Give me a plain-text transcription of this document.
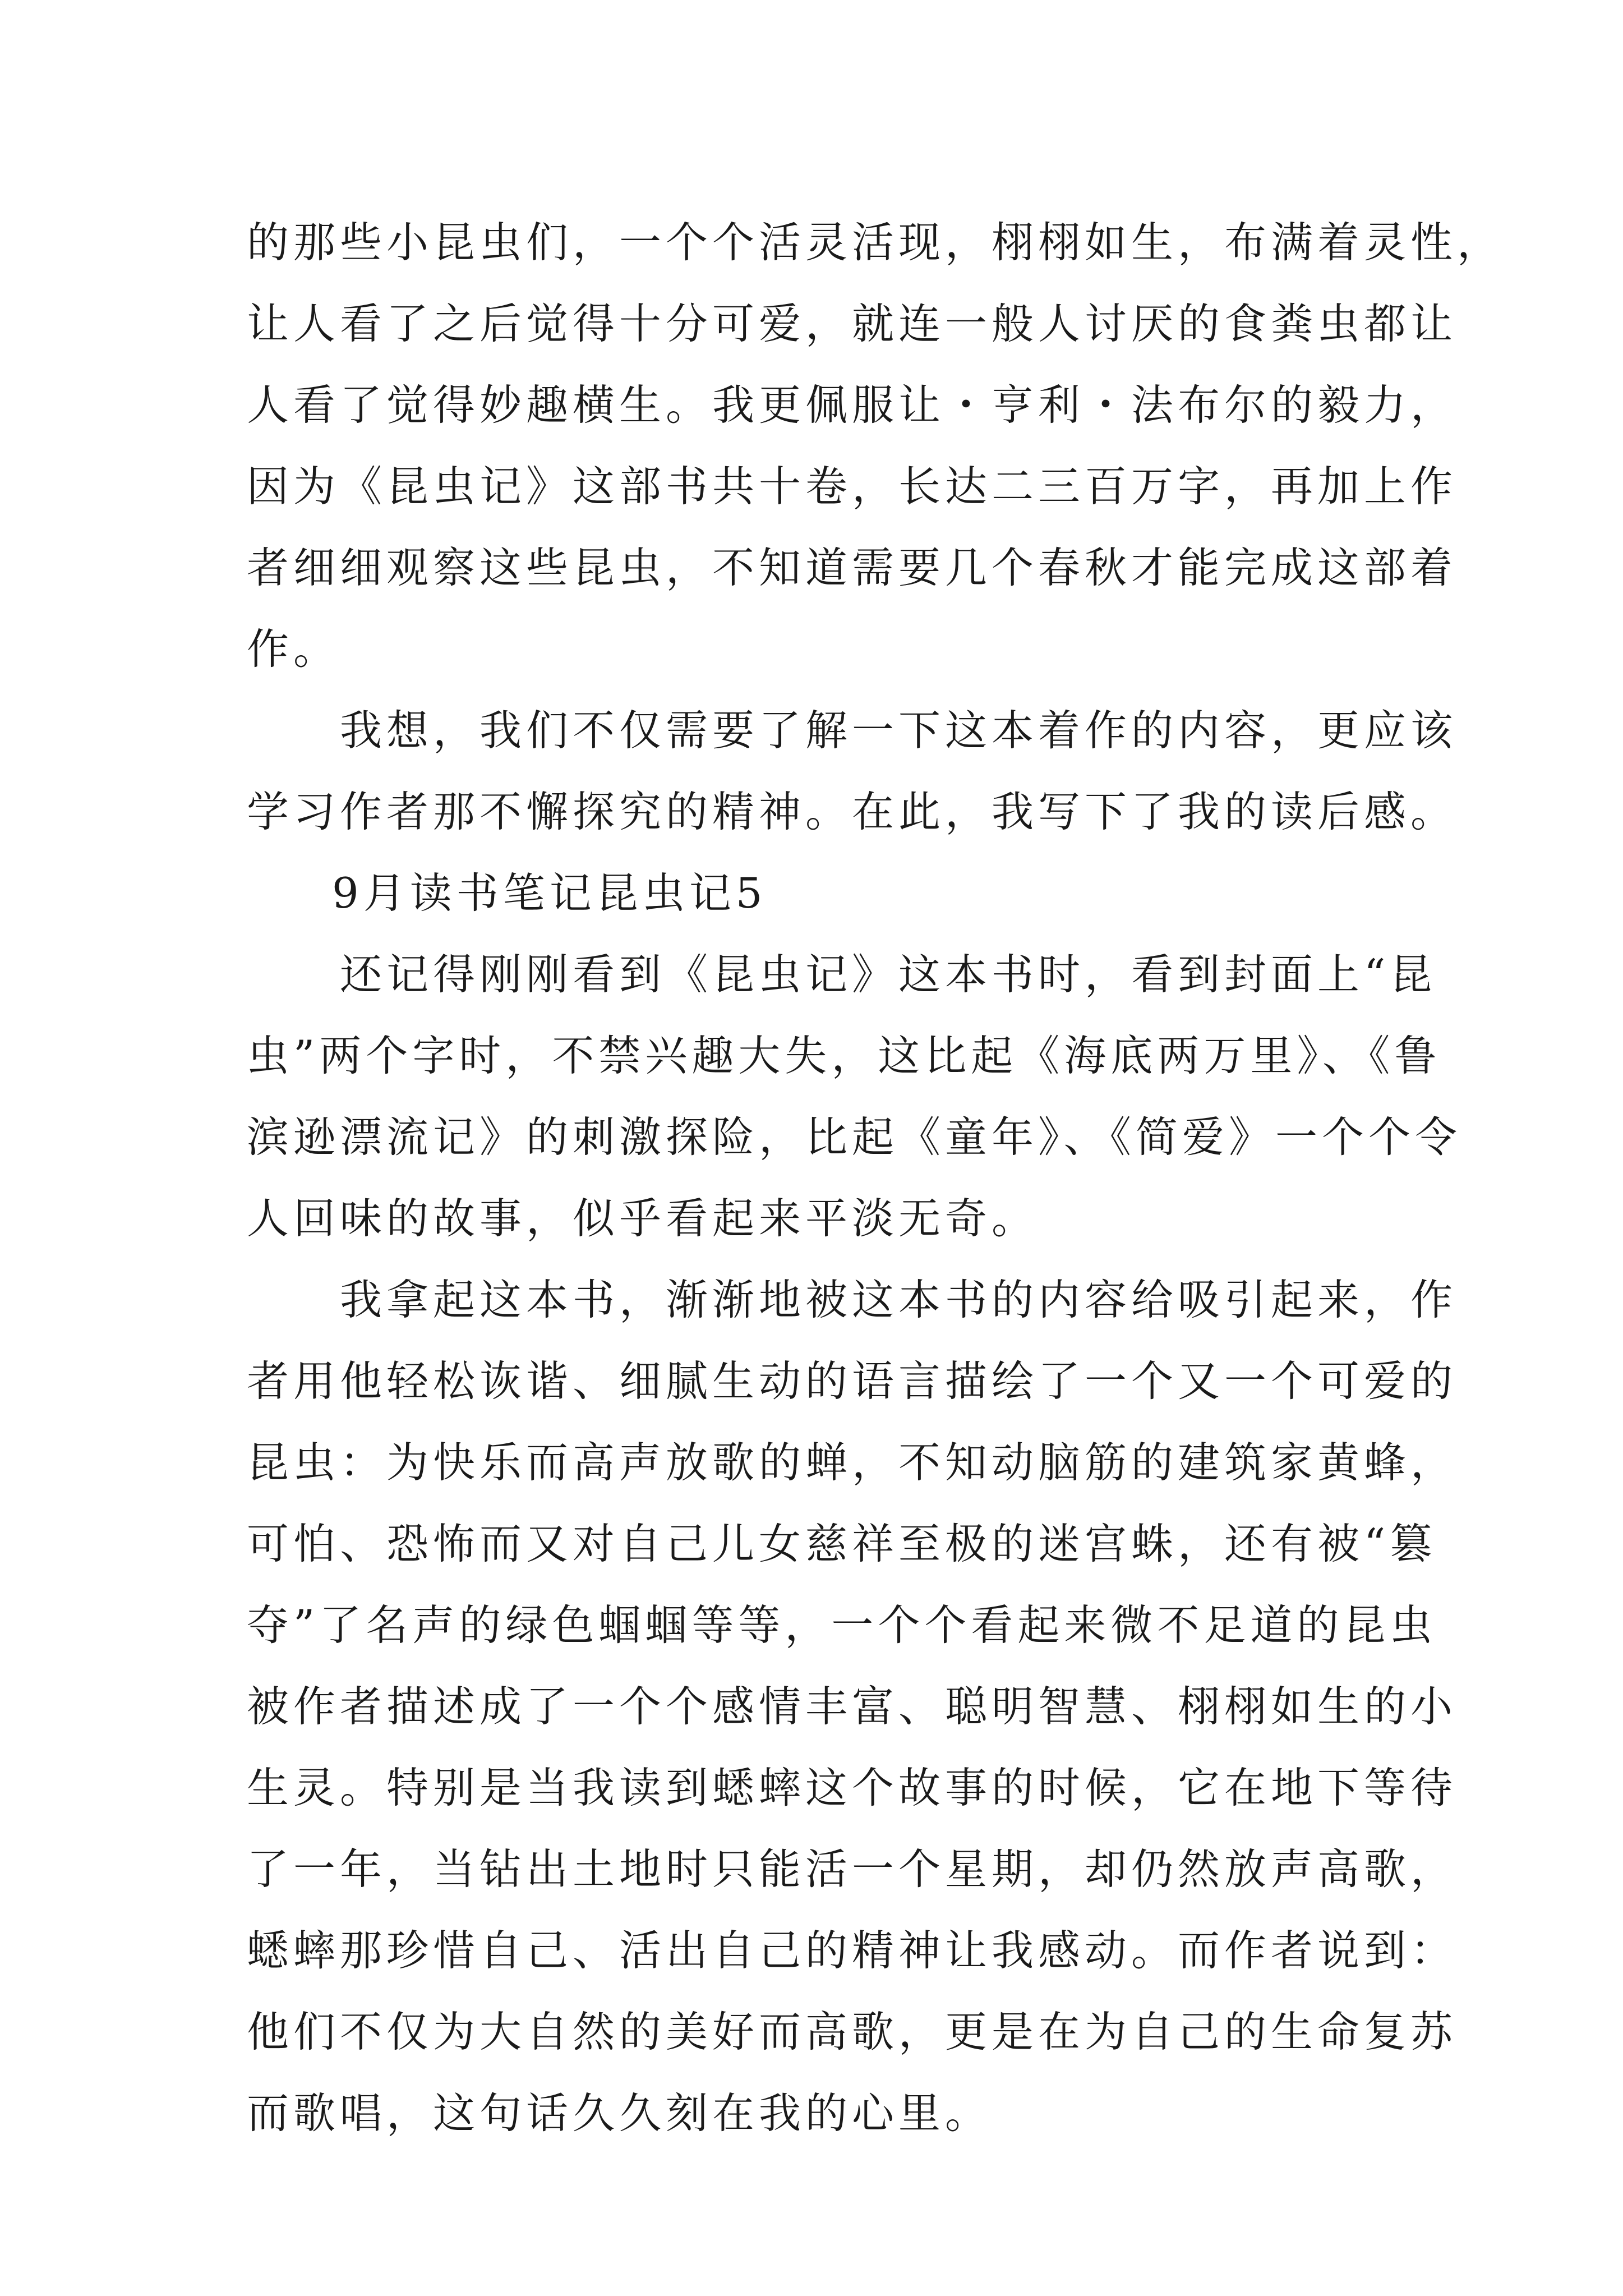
的那些小昆虫们，一个个活灵活现，栩栩如生，布满着灵性，
让人看了之后觉得十分可爱，就连一般人讨厌的食粪虫都让
人看了觉得妙趣横生。我更佩服让・亨利・法布尔的毅力，
因为《昆虫记》这部书共十卷，长达二三百万字，再加上作
者细细观察这些昆虫，不知道需要几个春秋才能完成这部着
作。
　　我想，我们不仅需要了解一下这本着作的内容，更应该
学习作者那不懈探究的精神。在此，我写下了我的读后感。
9月读书笔记昆虫记5
　　还记得刚刚看到《昆虫记》这本书时，看到封面上“昆
虫”两个字时，不禁兴趣大失，这比起《海底两万里》、《鲁
滨逊漂流记》的刺激探险，比起《童年》、《简爱》一个个令
人回味的故事，似乎看起来平淡无奇。
　　我拿起这本书，渐渐地被这本书的内容给吸引起来，作
者用他轻松诙谐、细腻生动的语言描绘了一个又一个可爱的
昆虫：为快乐而高声放歌的蝉，不知动脑筋的建筑家黄蜂，
可怕、恐怖而又对自己儿女慈祥至极的迷宫蛛，还有被“篡
夺”了名声的绿色蝈蝈等等，一个个看起来微不足道的昆虫
被作者描述成了一个个感情丰富、聪明智慧、栩栩如生的小
生灵。特别是当我读到蟋蟀这个故事的时候，它在地下等待
了一年，当钻出土地时只能活一个星期，却仍然放声高歌，
蟋蟀那珍惜自己、活出自己的精神让我感动。而作者说到：
他们不仅为大自然的美好而高歌，更是在为自己的生命复苏
而歌唱，这句话久久刻在我的心里。
